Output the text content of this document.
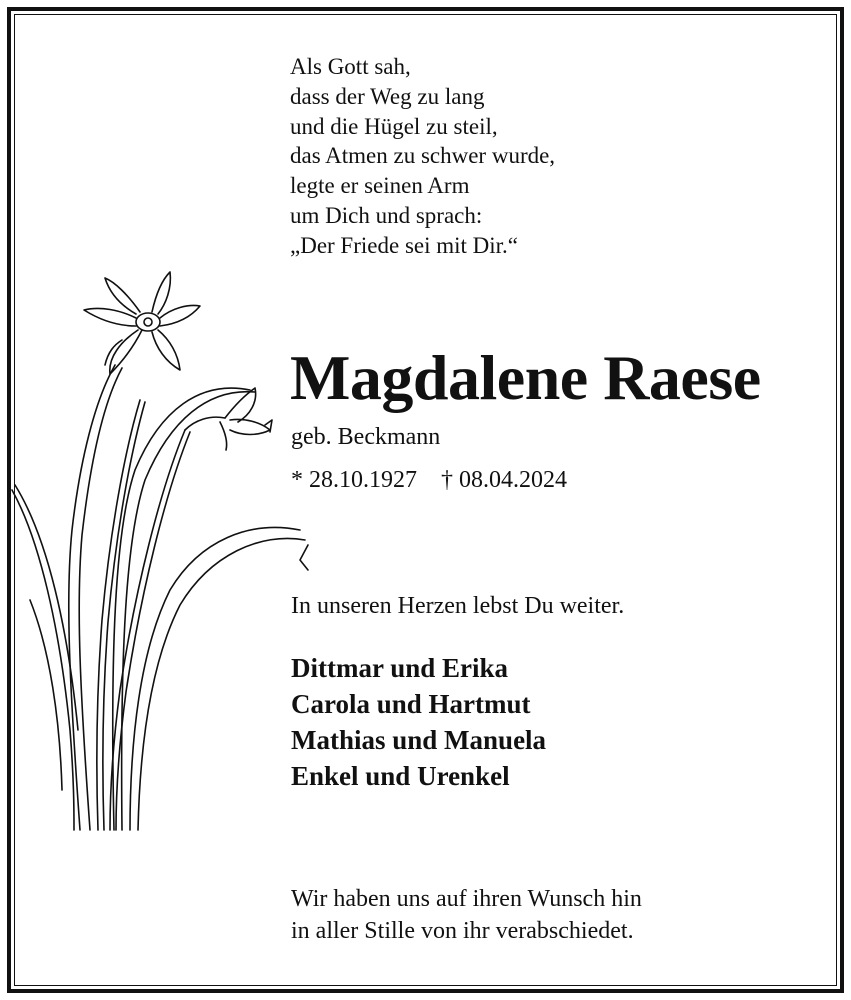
Als Gott sah,
dass der Weg zu lang
und die Hügel zu steil,
das Atmen zu schwer wurde,
legte er seinen Arm
um Dich und sprach:
„Der Friede sei mit Dir.“
Magdalene Raese
geb. Beckmann
* 28.10.1927 † 08.04.2024
In unseren Herzen lebst Du weiter.
Dittmar und Erika
Carola und Hartmut
Mathias und Manuela
Enkel und Urenkel
Wir haben uns auf ihren Wunsch hin
in aller Stille von ihr verabschiedet.
